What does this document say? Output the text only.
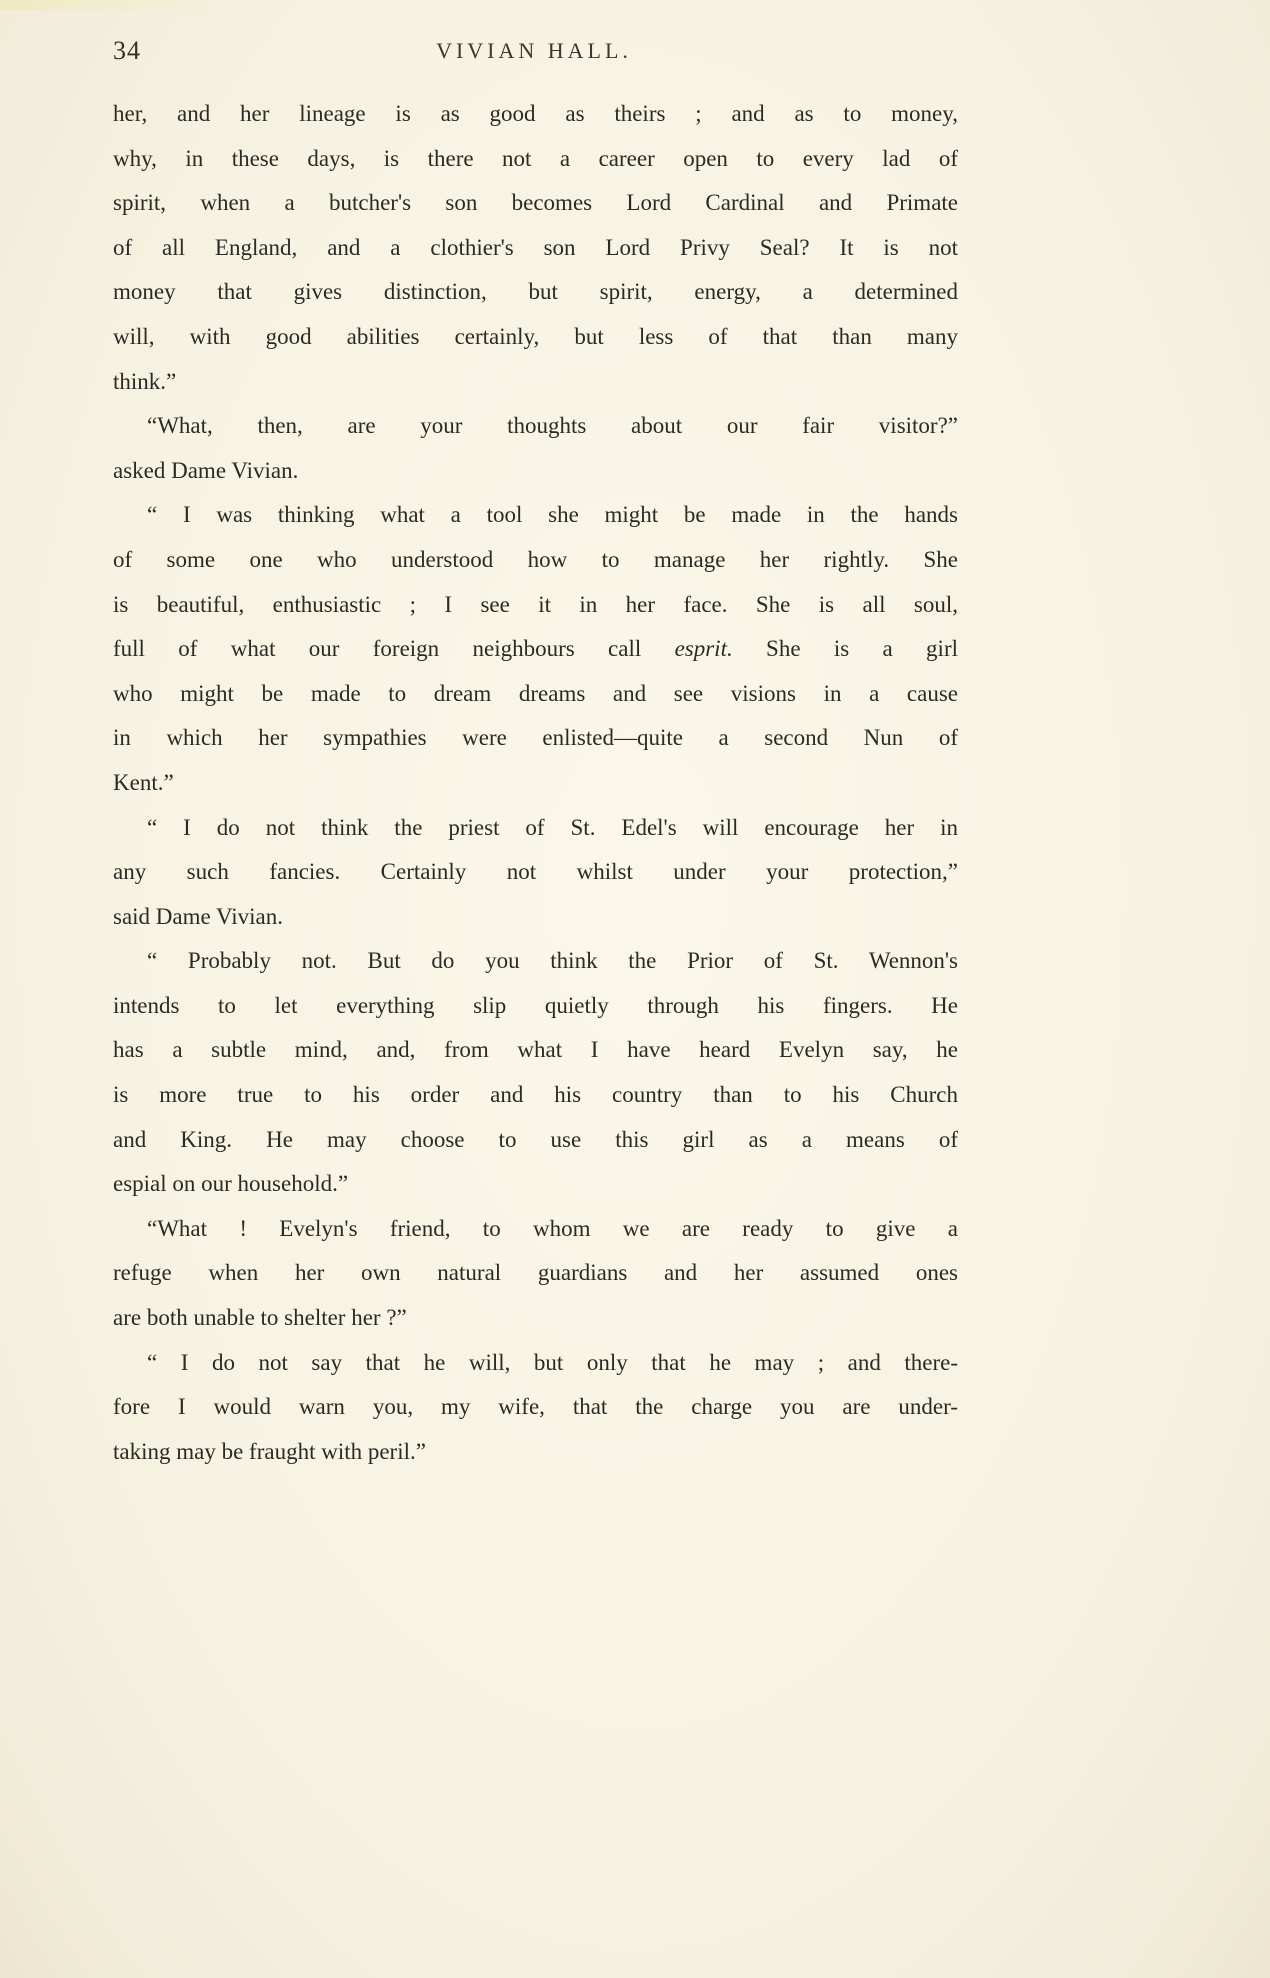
34	VIVIAN HALL.
her, and her lineage is as good as theirs ; and as to money,
why, in these days, is there not a career open to every lad of
spirit, when a butcher's son becomes Lord Cardinal and Primate
of all England, and a clothier's son Lord Privy Seal? It is not
money that gives distinction, but spirit, energy, a determined
will, with good abilities certainly, but less of that than many
think.”
“What, then, are your thoughts about our fair visitor?”
asked Dame Vivian.
“ I was thinking what a tool she might be made in the hands
of some one who understood how to manage her rightly. She
is beautiful, enthusiastic ; I see it in her face. She is all soul,
full of what our foreign neighbours call esprit. She is a girl
who might be made to dream dreams and see visions in a cause
in which her sympathies were enlisted—quite a second Nun of
Kent.”
“ I do not think the priest of St. Edel's will encourage her in
any such fancies. Certainly not whilst under your protection,”
said Dame Vivian.
“ Probably not. But do you think the Prior of St. Wennon's
intends to let everything slip quietly through his fingers. He
has a subtle mind, and, from what I have heard Evelyn say, he
is more true to his order and his country than to his Church
and King. He may choose to use this girl as a means of
espial on our household.”
“What ! Evelyn's friend, to whom we are ready to give a
refuge when her own natural guardians and her assumed ones
are both unable to shelter her ?”
“ I do not say that he will, but only that he may ; and there-
fore I would warn you, my wife, that the charge you are under-
taking may be fraught with peril.”
